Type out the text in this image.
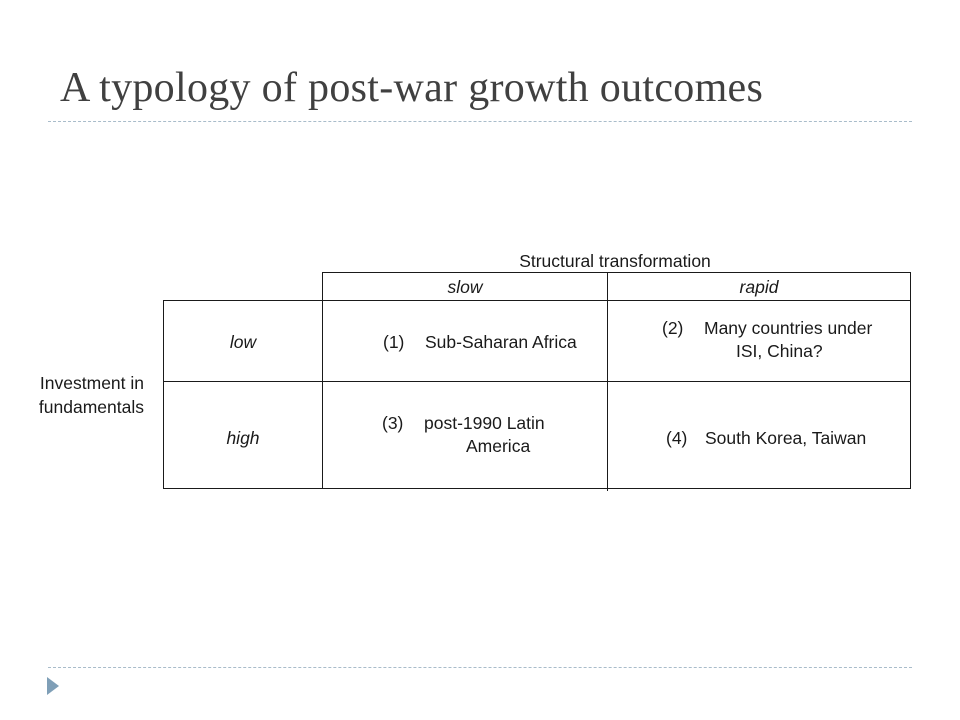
A typology of post-war growth outcomes
Structural transformation
slow	rapid
Investment in
fundamentals
low
high
(1) Sub-Saharan Africa
(2) Many countries under
ISI, China?
(3) post-1990 Latin
America	(4) South Korea, Taiwan
